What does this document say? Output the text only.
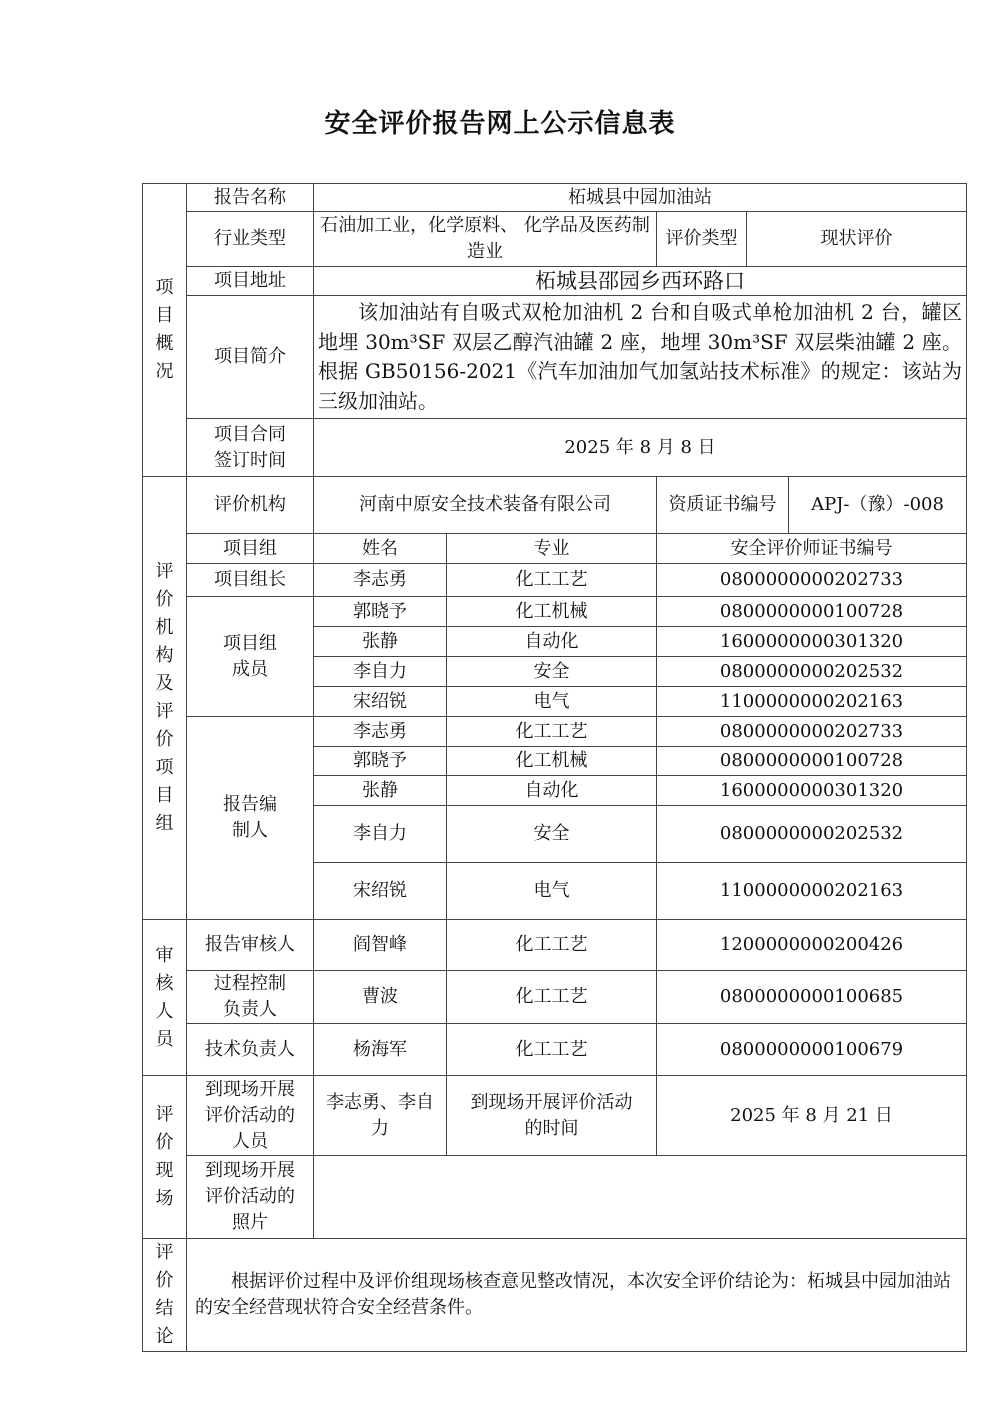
安全评价报告网上公示信息表
项目概况	报告名称	柘城县中园加油站				
	行业类型	石油加工业，化学原料、 化学品及医药制造业		评价类型	现状评价	
	项目地址	柘城县邵园乡西环路口				
	项目简介	该加油站有自吸式双枪加油机 2 台和自吸式单枪加油机 2 台，罐区地埋 30m³SF 双层乙醇汽油罐 2 座，地埋 30m³SF 双层柴油罐 2 座。根据 GB50156-2021《汽车加油加气加氢站技术标准》的规定：该站为三级加油站。				
	项目合同签订时间	2025 年 8 月 8 日				
评价机构及评价项目组	评价机构	河南中原安全技术装备有限公司		资质证书编号		APJ-（豫）-008
	项目组	姓名	专业	安全评价师证书编号		
	项目组长	李志勇	化工工艺	0800000000202733		
	项目组成员	郭晓予	化工机械	0800000000100728		
		张静	自动化	1600000000301320		
		李自力	安全	0800000000202532		
		宋绍锐	电气	1100000000202163		
	报告编制人	李志勇	化工工艺	0800000000202733		
		郭晓予	化工机械	0800000000100728		
		张静	自动化	1600000000301320		
		李自力	安全	0800000000202532		
		宋绍锐	电气	1100000000202163		
审核人员	报告审核人	阎智峰	化工工艺	1200000000200426		
	过程控制负责人	曹波	化工工艺	0800000000100685		
	技术负责人	杨海军	化工工艺	0800000000100679		
评价现场	到现场开展评价活动的人员	李志勇、李自力	到现场开展评价活动的时间	2025 年 8 月 21 日		
	到现场开展评价活动的照片					
评价结论	根据评价过程中及评价组现场核查意见整改情况，本次安全评价结论为：柘城县中园加油站的安全经营现状符合安全经营条件。					
